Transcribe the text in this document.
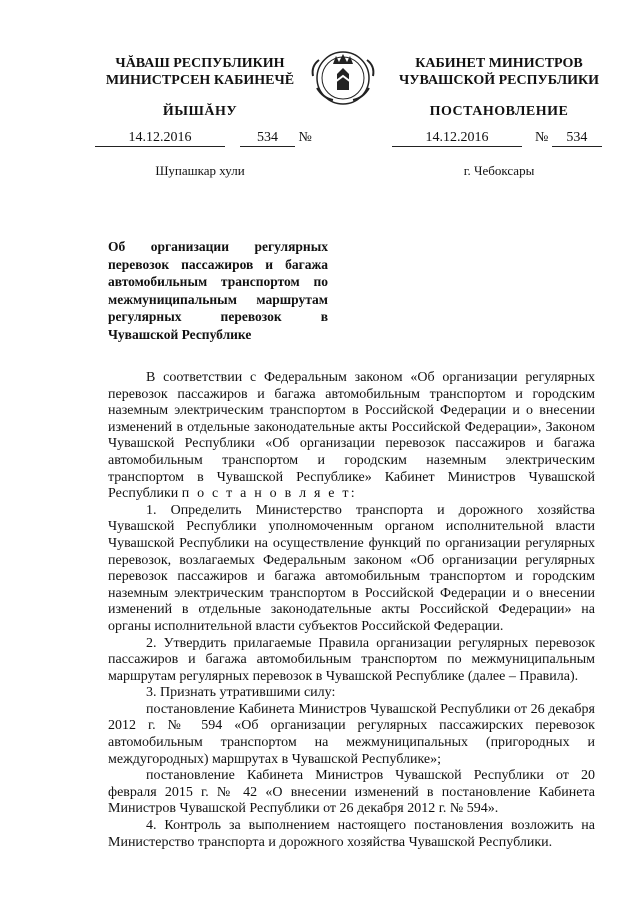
ЧĂВАШ РЕСПУБЛИКИН
МИНИСТРСЕН КАБИНЕЧĔ
КАБИНЕТ МИНИСТРОВ
ЧУВАШСКОЙ РЕСПУБЛИКИ
ЙЫШĂНУ	ПОСТАНОВЛЕНИЕ
14.12.2016	534 №	14.12.2016	№ 534
Шупашкар хули	г. Чебоксары
Об организации регулярных перевозок пассажиров и багажа автомобильным транспортом по межмуниципальным маршрутам регулярных перевозок в Чувашской Республике

В соответствии с Федеральным законом «Об организации регулярных перевозок пассажиров и багажа автомобильным транспортом и городским наземным электрическим транспортом в Российской Федерации и о внесении изменений в отдельные законодательные акты Российской Федерации», Законом Чувашской Республики «Об организации перевозок пассажиров и багажа автомобильным транспортом и городским наземным электрическим транспортом в Чувашской Республике» Кабинет Министров Чувашской Республики п о с т а н о в л я е т:

1. Определить Министерство транспорта и дорожного хозяйства Чувашской Республики уполномоченным органом исполнительной власти Чувашской Республики на осуществление функций по организации регулярных перевозок, возлагаемых Федеральным законом «Об организации регулярных перевозок пассажиров и багажа автомобильным транспортом и городским наземным электрическим транспортом в Российской Федерации и о внесении изменений в отдельные законодательные акты Российской Федерации» на органы исполнительной власти субъектов Российской Федерации.

2. Утвердить прилагаемые Правила организации регулярных перевозок пассажиров и багажа автомобильным транспортом по межмуниципальным маршрутам регулярных перевозок в Чувашской Республике (далее – Правила).

3. Признать утратившими силу:

постановление Кабинета Министров Чувашской Республики от 26 декабря 2012 г. № 594 «Об организации регулярных пассажирских перевозок автомобильным транспортом на межмуниципальных (пригородных и междугородных) маршрутах в Чувашской Республике»;

постановление Кабинета Министров Чувашской Республики от 20 февраля 2015 г. № 42 «О внесении изменений в постановление Кабинета Министров Чувашской Республики от 26 декабря 2012 г. № 594».

4. Контроль за выполнением настоящего постановления возложить на Министерство транспорта и дорожного хозяйства Чувашской Республики.
